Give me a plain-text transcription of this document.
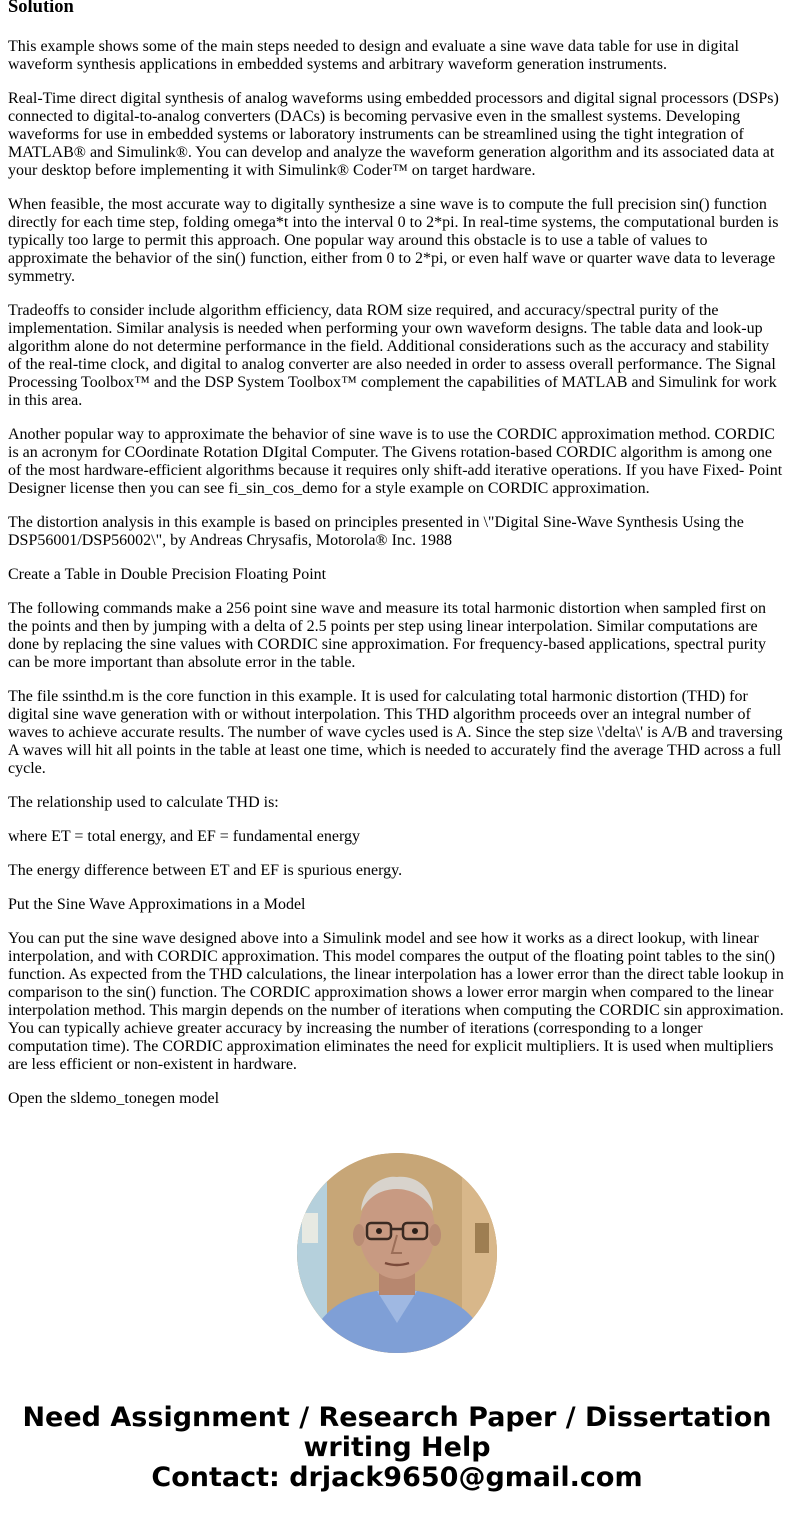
Solution

This example shows some of the main steps needed to design and evaluate a sine wave data table for use in digital waveform synthesis applications in embedded systems and arbitrary waveform generation instruments.

Real-Time direct digital synthesis of analog waveforms using embedded processors and digital signal processors (DSPs) connected to digital-to-analog converters (DACs) is becoming pervasive even in the smallest systems. Developing waveforms for use in embedded systems or laboratory instruments can be streamlined using the tight integration of MATLAB® and Simulink®. You can develop and analyze the waveform generation algorithm and its associated data at your desktop before implementing it with Simulink® Coder™ on target hardware.

When feasible, the most accurate way to digitally synthesize a sine wave is to compute the full precision sin() function directly for each time step, folding omega*t into the interval 0 to 2*pi. In real-time systems, the computational burden is typically too large to permit this approach. One popular way around this obstacle is to use a table of values to approximate the behavior of the sin() function, either from 0 to 2*pi, or even half wave or quarter wave data to leverage symmetry.

Tradeoffs to consider include algorithm efficiency, data ROM size required, and accuracy/spectral purity of the implementation. Similar analysis is needed when performing your own waveform designs. The table data and look-up algorithm alone do not determine performance in the field. Additional considerations such as the accuracy and stability of the real-time clock, and digital to analog converter are also needed in order to assess overall performance. The Signal Processing Toolbox™ and the DSP System Toolbox™ complement the capabilities of MATLAB and Simulink for work in this area.

Another popular way to approximate the behavior of sine wave is to use the CORDIC approximation method. CORDIC is an acronym for COordinate Rotation DIgital Computer. The Givens rotation-based CORDIC algorithm is among one of the most hardware-efficient algorithms because it requires only shift-add iterative operations. If you have Fixed- Point Designer license then you can see fi_sin_cos_demo for a style example on CORDIC approximation.

The distortion analysis in this example is based on principles presented in \"Digital Sine-Wave Synthesis Using the DSP56001/DSP56002\", by Andreas Chrysafis, Motorola® Inc. 1988

Create a Table in Double Precision Floating Point

The following commands make a 256 point sine wave and measure its total harmonic distortion when sampled first on the points and then by jumping with a delta of 2.5 points per step using linear interpolation. Similar computations are done by replacing the sine values with CORDIC sine approximation. For frequency-based applications, spectral purity can be more important than absolute error in the table.

The file ssinthd.m is the core function in this example. It is used for calculating total harmonic distortion (THD) for digital sine wave generation with or without interpolation. This THD algorithm proceeds over an integral number of waves to achieve accurate results. The number of wave cycles used is A. Since the step size \'delta\' is A/B and traversing A waves will hit all points in the table at least one time, which is needed to accurately find the average THD across a full cycle.

The relationship used to calculate THD is:

where ET = total energy, and EF = fundamental energy

The energy difference between ET and EF is spurious energy.

Put the Sine Wave Approximations in a Model

You can put the sine wave designed above into a Simulink model and see how it works as a direct lookup, with linear interpolation, and with CORDIC approximation. This model compares the output of the floating point tables to the sin() function. As expected from the THD calculations, the linear interpolation has a lower error than the direct table lookup in comparison to the sin() function. The CORDIC approximation shows a lower error margin when compared to the linear interpolation method. This margin depends on the number of iterations when computing the CORDIC sin approximation. You can typically achieve greater accuracy by increasing the number of iterations (corresponding to a longer computation time). The CORDIC approximation eliminates the need for explicit multipliers. It is used when multipliers are less efficient or non-existent in hardware.

Open the sldemo_tonegen model

Need Assignment / Research Paper / Dissertation
writing Help
Contact: drjack9650@gmail.com
